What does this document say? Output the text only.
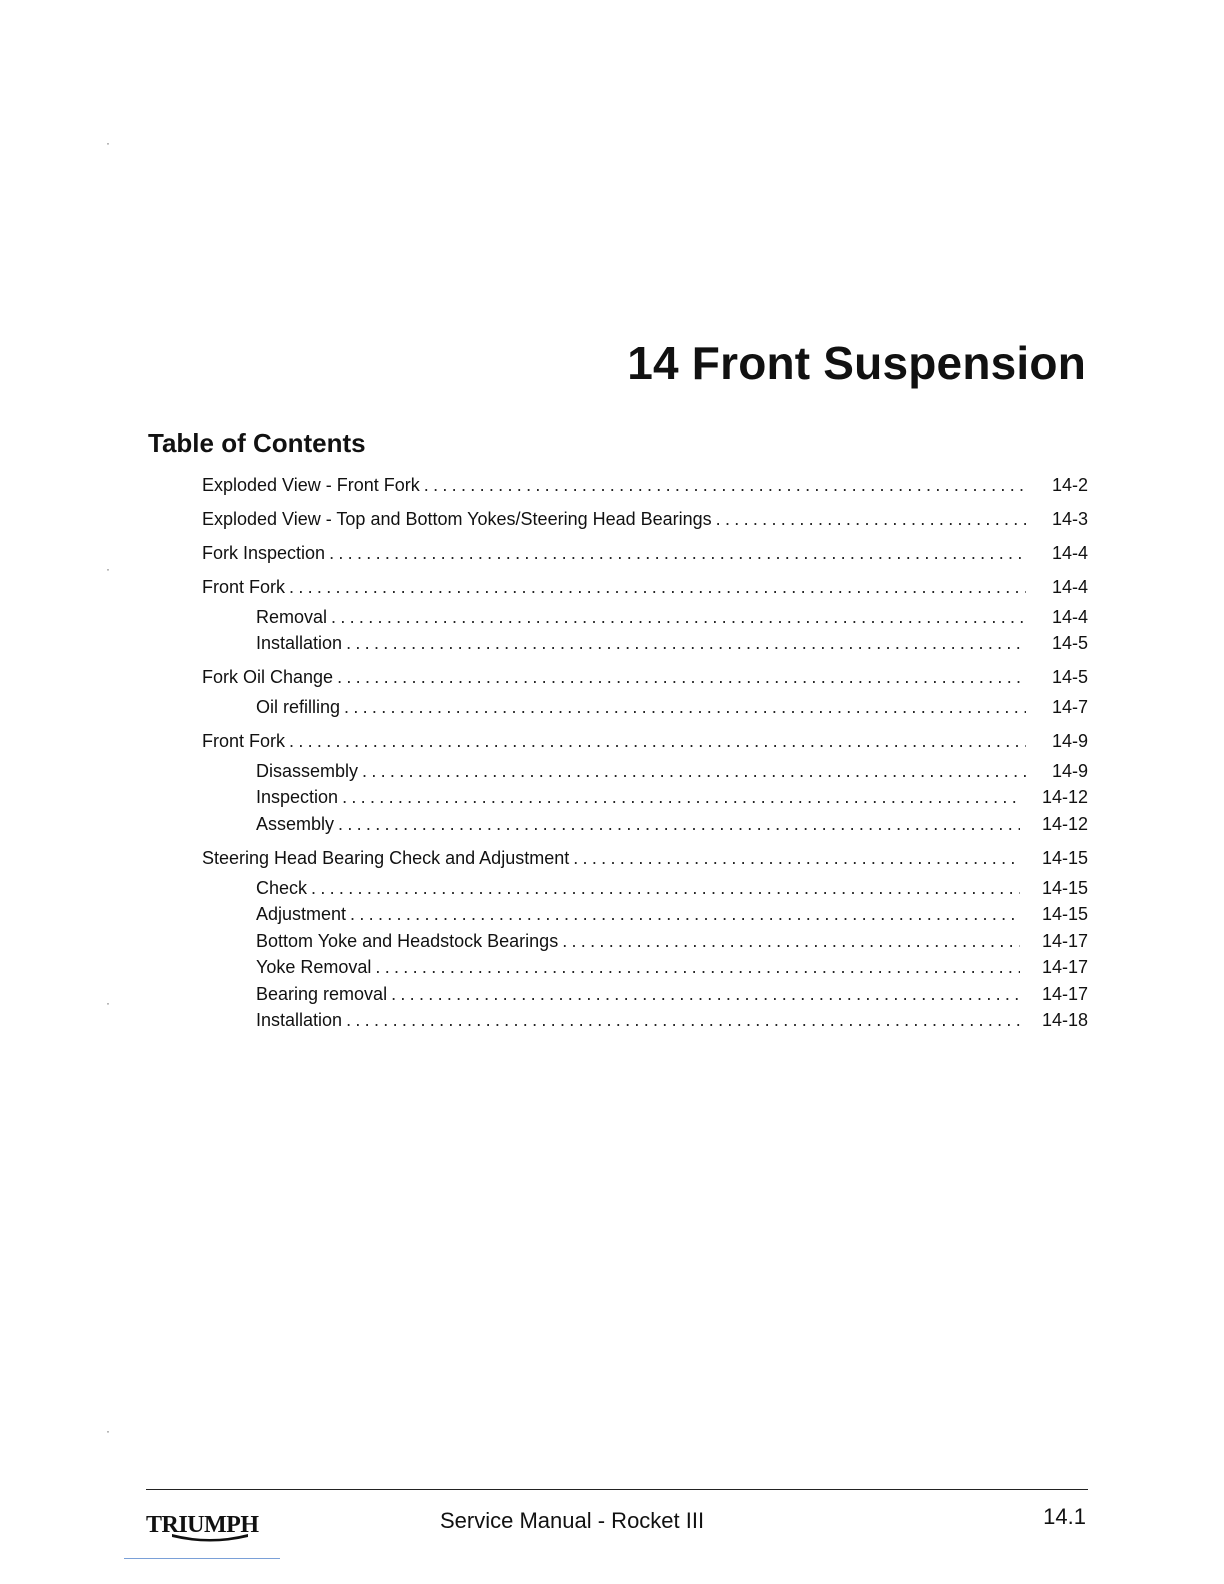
14 Front Suspension
Table of Contents
Exploded View - Front Fork .....	14-2
Exploded View - Top and Bottom Yokes/Steering Head Bearings .....	14-3
Fork Inspection .....	14-4
Front Fork .....	14-4
Removal .....	14-4
Installation .....	14-5
Fork Oil Change .....	14-5
Oil refilling .....	14-7
Front Fork .....	14-9
Disassembly .....	14-9
Inspection .....	14-12
Assembly .....	14-12
Steering Head Bearing Check and Adjustment .....	14-15
Check .....	14-15
Adjustment .....	14-15
Bottom Yoke and Headstock Bearings .....	14-17
Yoke Removal .....	14-17
Bearing removal .....	14-17
Installation .....	14-18
·
·
·
·
TRIUMPH	Service Manual - Rocket III	14.1
